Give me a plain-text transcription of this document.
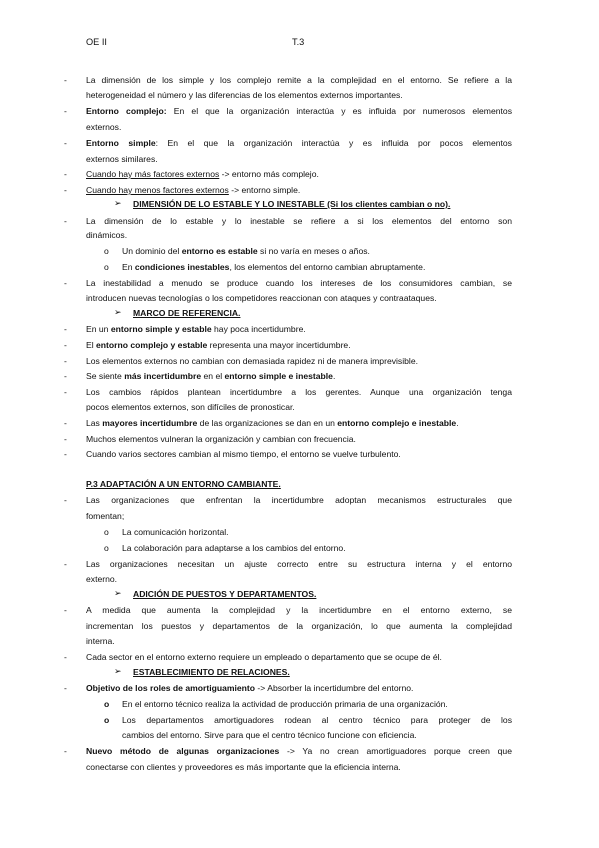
OE II	T.3
- La dimensión de los simple y los complejo remite a la complejidad en el entorno. Se refiere a la
heterogeneidad el número y las diferencias de los elementos externos importantes.
- Entorno complejo: En el que la organización interactúa y es influida por numerosos elementos
externos.
- Entorno simple: En el que la organización interactúa y es influida por pocos elementos
externos similares.
- Cuando hay más factores externos -> entorno más complejo.
- Cuando hay menos factores externos -> entorno simple.
➢ DIMENSIÓN DE LO ESTABLE Y LO INESTABLE (Si los clientes cambian o no).
- La dimensión de lo estable y lo inestable se refiere a si los elementos del entorno son
dinámicos.
o Un dominio del entorno es estable si no varía en meses o años.
o En condiciones inestables, los elementos del entorno cambian abruptamente.
- La inestabilidad a menudo se produce cuando los intereses de los consumidores cambian, se
introducen nuevas tecnologías o los competidores reaccionan con ataques y contraataques.
➢ MARCO DE REFERENCIA.
- En un entorno simple y estable hay poca incertidumbre.
- El entorno complejo y estable representa una mayor incertidumbre.
- Los elementos externos no cambian con demasiada rapidez ni de manera imprevisible.
- Se siente más incertidumbre en el entorno simple e inestable.
- Los cambios rápidos plantean incertidumbre a los gerentes. Aunque una organización tenga
pocos elementos externos, son difíciles de pronosticar.
- Las mayores incertidumbre de las organizaciones se dan en un entorno complejo e inestable.
- Muchos elementos vulneran la organización y cambian con frecuencia.
- Cuando varios sectores cambian al mismo tiempo, el entorno se vuelve turbulento.
P.3 ADAPTACIÓN A UN ENTORNO CAMBIANTE.
- Las organizaciones que enfrentan la incertidumbre adoptan mecanismos estructurales que
fomentan;
o La comunicación horizontal.
o La colaboración para adaptarse a los cambios del entorno.
- Las organizaciones necesitan un ajuste correcto entre su estructura interna y el entorno
externo.
➢ ADICIÓN DE PUESTOS Y DEPARTAMENTOS.
- A medida que aumenta la complejidad y la incertidumbre en el entorno externo, se
incrementan los puestos y departamentos de la organización, lo que aumenta la complejidad
interna.
- Cada sector en el entorno externo requiere un empleado o departamento que se ocupe de él.
➢ ESTABLECIMIENTO DE RELACIONES.
- Objetivo de los roles de amortiguamiento -> Absorber la incertidumbre del entorno.
o En el entorno técnico realiza la actividad de producción primaria de una organización.
o Los departamentos amortiguadores rodean al centro técnico para proteger de los
cambios del entorno. Sirve para que el centro técnico funcione con eficiencia.
- Nuevo método de algunas organizaciones -> Ya no crean amortiguadores porque creen que
conectarse con clientes y proveedores es más importante que la eficiencia interna.
